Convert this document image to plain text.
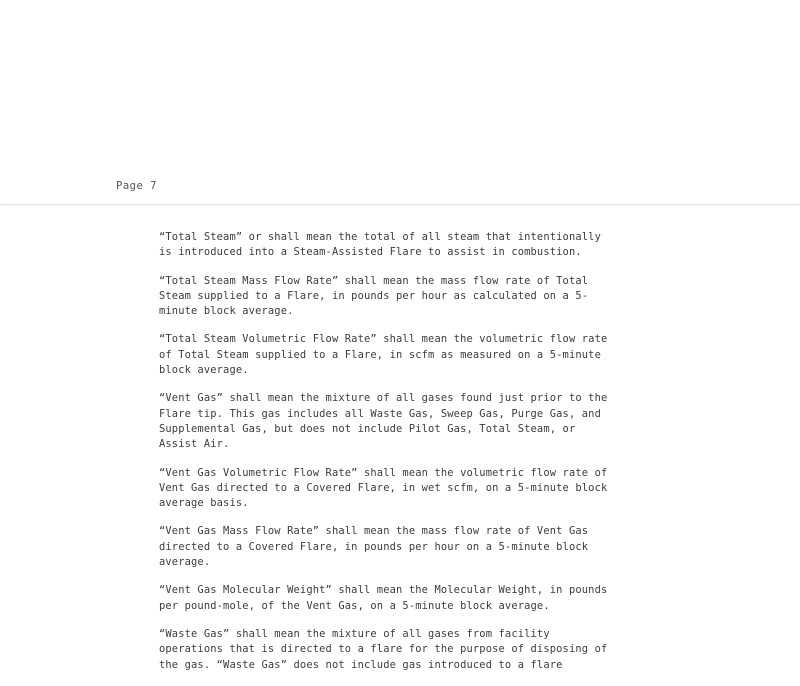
Page 7

“Total Steam” or shall mean the total of all steam that intentionally
is introduced into a Steam-Assisted Flare to assist in combustion.

“Total Steam Mass Flow Rate” shall mean the mass flow rate of Total
Steam supplied to a Flare, in pounds per hour as calculated on a 5-
minute block average.

“Total Steam Volumetric Flow Rate” shall mean the volumetric flow rate
of Total Steam supplied to a Flare, in scfm as measured on a 5-minute
block average.

“Vent Gas” shall mean the mixture of all gases found just prior to the
Flare tip. This gas includes all Waste Gas, Sweep Gas, Purge Gas, and
Supplemental Gas, but does not include Pilot Gas, Total Steam, or
Assist Air.

“Vent Gas Volumetric Flow Rate” shall mean the volumetric flow rate of
Vent Gas directed to a Covered Flare, in wet scfm, on a 5-minute block
average basis.

“Vent Gas Mass Flow Rate” shall mean the mass flow rate of Vent Gas
directed to a Covered Flare, in pounds per hour on a 5-minute block
average.

“Vent Gas Molecular Weight” shall mean the Molecular Weight, in pounds
per pound-mole, of the Vent Gas, on a 5-minute block average.

“Waste Gas” shall mean the mixture of all gases from facility
operations that is directed to a flare for the purpose of disposing of
the gas. “Waste Gas” does not include gas introduced to a flare
